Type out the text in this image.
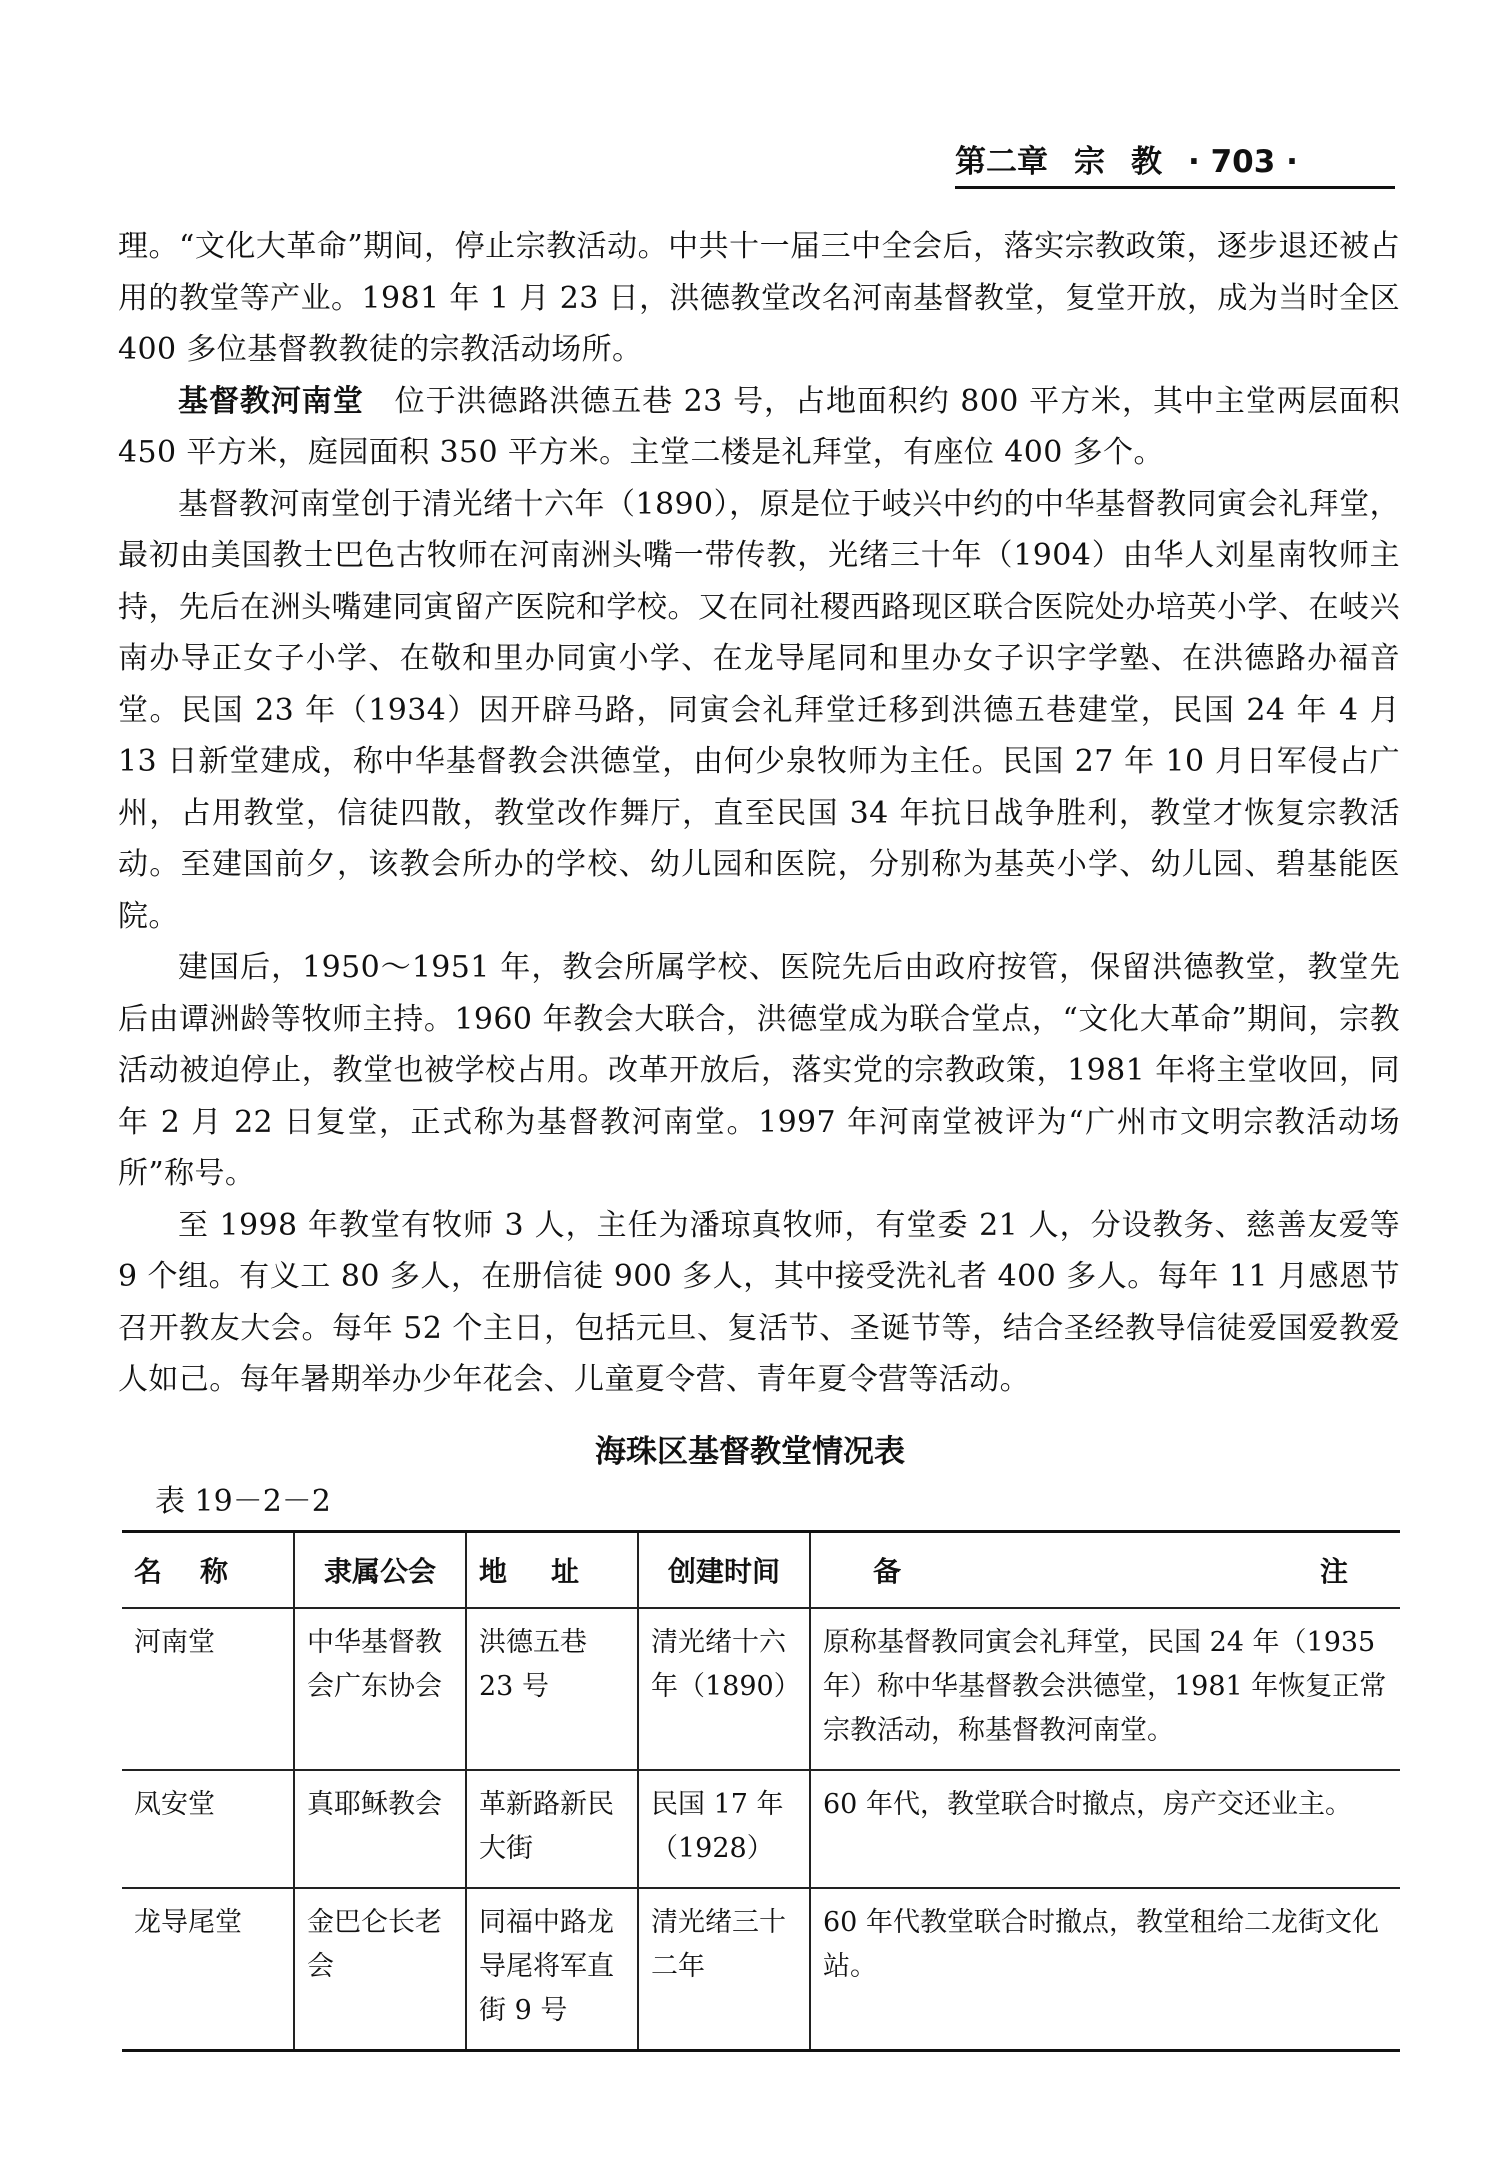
第二章 宗 教 · 703 ·

理。“文化大革命”期间，停止宗教活动。中共十一届三中全会后，落实宗教政策，逐步退还被占用的教堂等产业。1981 年 1 月 23 日，洪德教堂改名河南基督教堂，复堂开放，成为当时全区 400 多位基督教教徒的宗教活动场所。

基督教河南堂　 位于洪德路洪德五巷 23 号，占地面积约 800 平方米，其中主堂两层面积 450 平方米，庭园面积 350 平方米。主堂二楼是礼拜堂，有座位 400 多个。

基督教河南堂创于清光绪十六年（1890），原是位于岐兴中约的中华基督教同寅会礼拜堂，最初由美国教士巴色古牧师在河南洲头嘴一带传教，光绪三十年（1904）由华人刘星南牧师主持，先后在洲头嘴建同寅留产医院和学校。又在同社稷西路现区联合医院处办培英小学、在岐兴南办导正女子小学、在敬和里办同寅小学、在龙导尾同和里办女子识字学塾、在洪德路办福音堂。民国 23 年（1934）因开辟马路，同寅会礼拜堂迁移到洪德五巷建堂，民国 24 年 4 月 13 日新堂建成，称中华基督教会洪德堂，由何少泉牧师为主任。民国 27 年 10 月日军侵占广州，占用教堂，信徒四散，教堂改作舞厅，直至民国 34 年抗日战争胜利，教堂才恢复宗教活动。至建国前夕，该教会所办的学校、幼儿园和医院，分别称为基英小学、幼儿园、碧基能医院。

建国后，1950～1951 年，教会所属学校、医院先后由政府按管，保留洪德教堂，教堂先后由谭洲龄等牧师主持。1960 年教会大联合，洪德堂成为联合堂点，“文化大革命”期间，宗教活动被迫停止，教堂也被学校占用。改革开放后，落实党的宗教政策，1981 年将主堂收回，同年 2 月 22 日复堂，正式称为基督教河南堂。1997 年河南堂被评为“广州市文明宗教活动场所”称号。

至 1998 年教堂有牧师 3 人，主任为潘琼真牧师，有堂委 21 人，分设教务、慈善友爱等 9 个组。有义工 80 多人，在册信徒 900 多人，其中接受洗礼者 400 多人。每年 11 月感恩节召开教友大会。每年 52 个主日，包括元旦、复活节、圣诞节等，结合圣经教导信徒爱国爱教爱人如己。每年暑期举办少年花会、儿童夏令营、青年夏令营等活动。

海珠区基督教堂情况表
表 19－2－2
名称	隶属公会	地址	创建时间	备 注

河南堂	中华基督教会广东协会	洪德五巷 23 号	清光绪十六年（1890）	原称基督教同寅会礼拜堂，民国 24 年（1935 年）称中华基督教会洪德堂，1981 年恢复正常宗教活动，称基督教河南堂。
凤安堂	真耶稣教会	革新路新民大街	民国 17 年（1928）	60 年代，教堂联合时撤点，房产交还业主。
龙导尾堂	金巴仑长老会	同福中路龙导尾将军直街 9 号	清光绪三十二年	60 年代教堂联合时撤点，教堂租给二龙街文化站。
